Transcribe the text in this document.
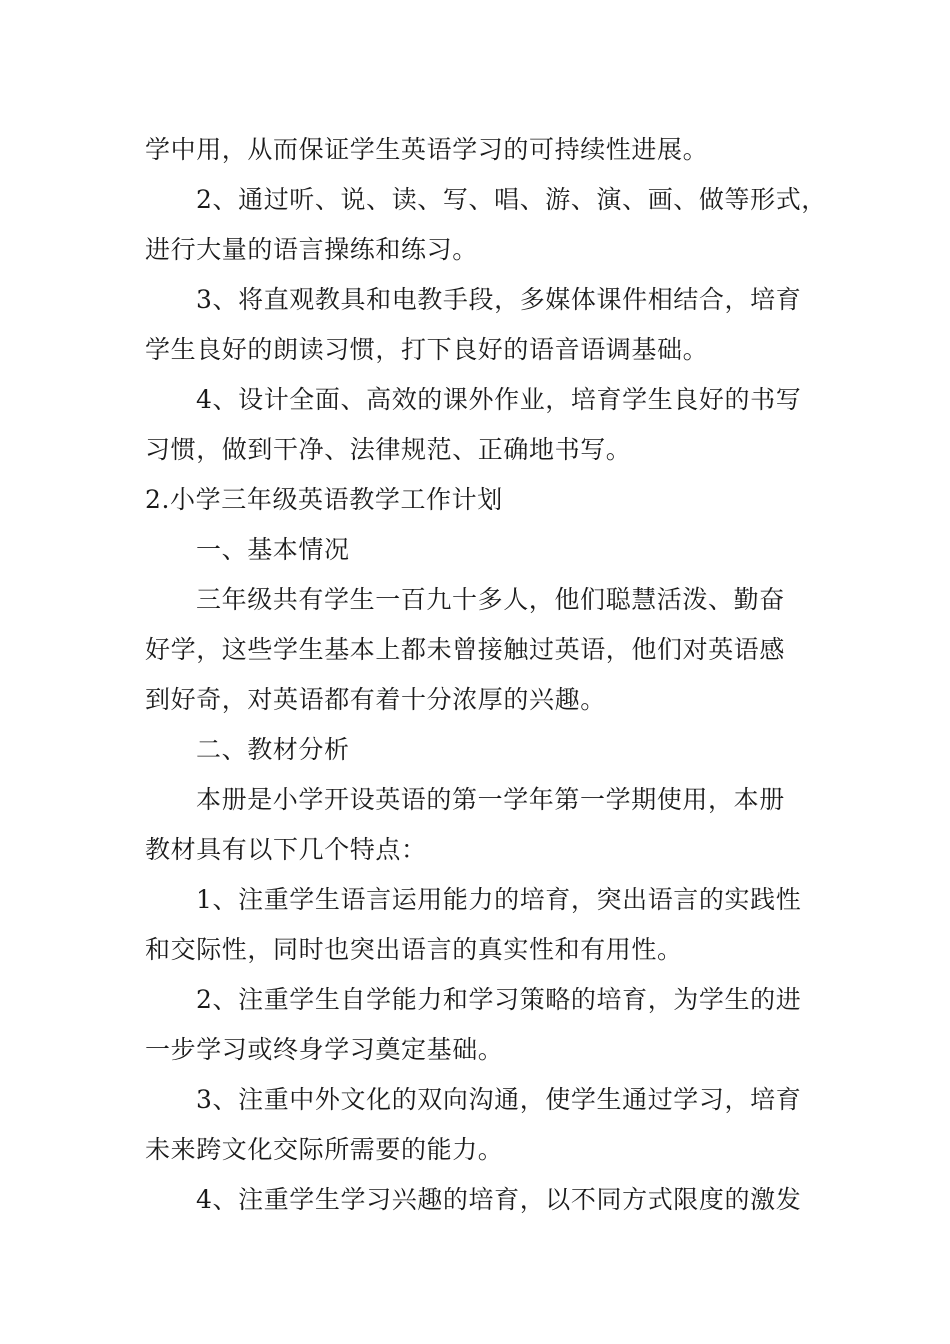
学中用，从而保证学生英语学习的可持续性进展。
2、通过听、说、读、写、唱、游、演、画、做等形式，
进行大量的语言操练和练习。
3、将直观教具和电教手段，多媒体课件相结合，培育
学生良好的朗读习惯，打下良好的语音语调基础。
4、设计全面、高效的课外作业，培育学生良好的书写
习惯，做到干净、法律规范、正确地书写。
2.小学三年级英语教学工作计划
一、基本情况
三年级共有学生一百九十多人，他们聪慧活泼、勤奋
好学，这些学生基本上都未曾接触过英语，他们对英语感
到好奇，对英语都有着十分浓厚的兴趣。
二、教材分析
本册是小学开设英语的第一学年第一学期使用，本册
教材具有以下几个特点：
1、注重学生语言运用能力的培育，突出语言的实践性
和交际性，同时也突出语言的真实性和有用性。
2、注重学生自学能力和学习策略的培育，为学生的进
一步学习或终身学习奠定基础。
3、注重中外文化的双向沟通，使学生通过学习，培育
未来跨文化交际所需要的能力。
4、注重学生学习兴趣的培育，以不同方式限度的激发
